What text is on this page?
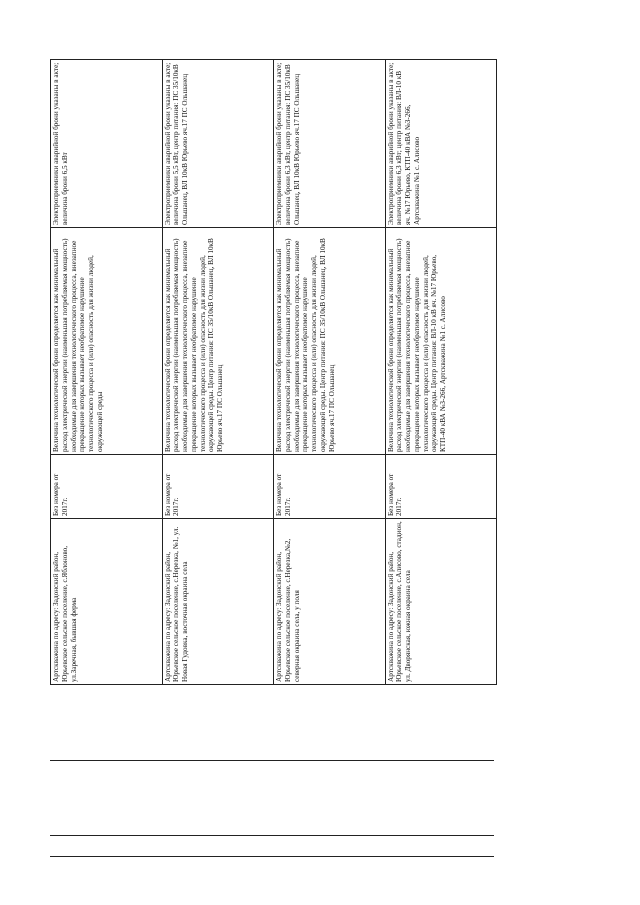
Артскважина по адресу: Задонский район, Юрьевское сельское поселение, с.Яблоново, ул.Заречная, бывшая ферма	Без номера от 2017г.	Величина технологической брони определяется как минимальный расход электрической энергии (наименьшая потребляемая мощность) необходимые для завершения технологического процесса, внезапное прекращение которых вызывает необратимое нарушение технологического процесса и (или) опасность для жизни людей, окружающей среды	Электроприемники аварийной брони указаны в акте; величина брони 6,5 кВт
Артскважина по адресу: Задонский район, Юрьевское сельское поселение, с.Нерезка, №1, ул. Новая Гудовка, восточная окраина села	Без номера от 2017г.	Величина технологической брони определяется как минимальный расход электрической энергии (наименьшая потребляемая мощность) необходимые для завершения технологического процесса, внезапное прекращение которых вызывает необратимое нарушение технологического процесса и (или) опасность для жизни людей, окружающей среды. Центр питания: ПС 35/10кВ Ольшанец, ВЛ 10кВ Юрьево яч.17 ПС Ольшанец	Электроприемники аварийной брони указаны в акте; величина брони 5,5 кВт, центр питания: ПС 35/10кВ Ольшанец, ВЛ 10кВ Юрьево яч.17 ПС Ольшанец
Артскважина по адресу: Задонский район, Юрьевское сельское поселение, с.Нерезка,№2, северная окраина села, у поля	Без номера от 2017г.	Величина технологической брони определяется как минимальный расход электрической энергии (наименьшая потребляемая мощность) необходимые для завершения технологического процесса, внезапное прекращение которых вызывает необратимое нарушение технологического процесса и (или) опасность для жизни людей, окружающей среды. Центр питания: ПС 35/10кВ Ольшанец, ВЛ 10кВ Юрьево яч.17 ПС Ольшанец	Электроприемники аварийной брони указаны в акте; величина брони 6,3 кВт, центр питания: ПС 35/10кВ Ольшанец, ВЛ 10кВ Юрьево яч.17 ПС Ольшанец
Артскважина по адресу: Задонский район, Юрьевское сельское поселение, с.Алисово, стадион, ул. Дворянская, южная окраина села	Без номера от 2017г.	Величина технологической брони определяется как минимальный расход электрической энергии (наименьшая потребляемая мощность) необходимые для завершения технологического процесса, внезапное прекращение которых вызывает необратимое нарушение технологического процесса и (или) опасность для жизни людей, окружающей среды. Центр питания: ВЛ-10 кВ яч. №17 Юрьево, КТП-40 кВА №3-266, Артскважина №1 с. Алисово	Электроприемники аварийной брони указаны в акте; величина брони 6,3 кВт; центр питания: ВЛ-10 кВ яч. №17 Юрьево, КТП-40 кВА №3-266, Артскважина №1 с. Алисово
